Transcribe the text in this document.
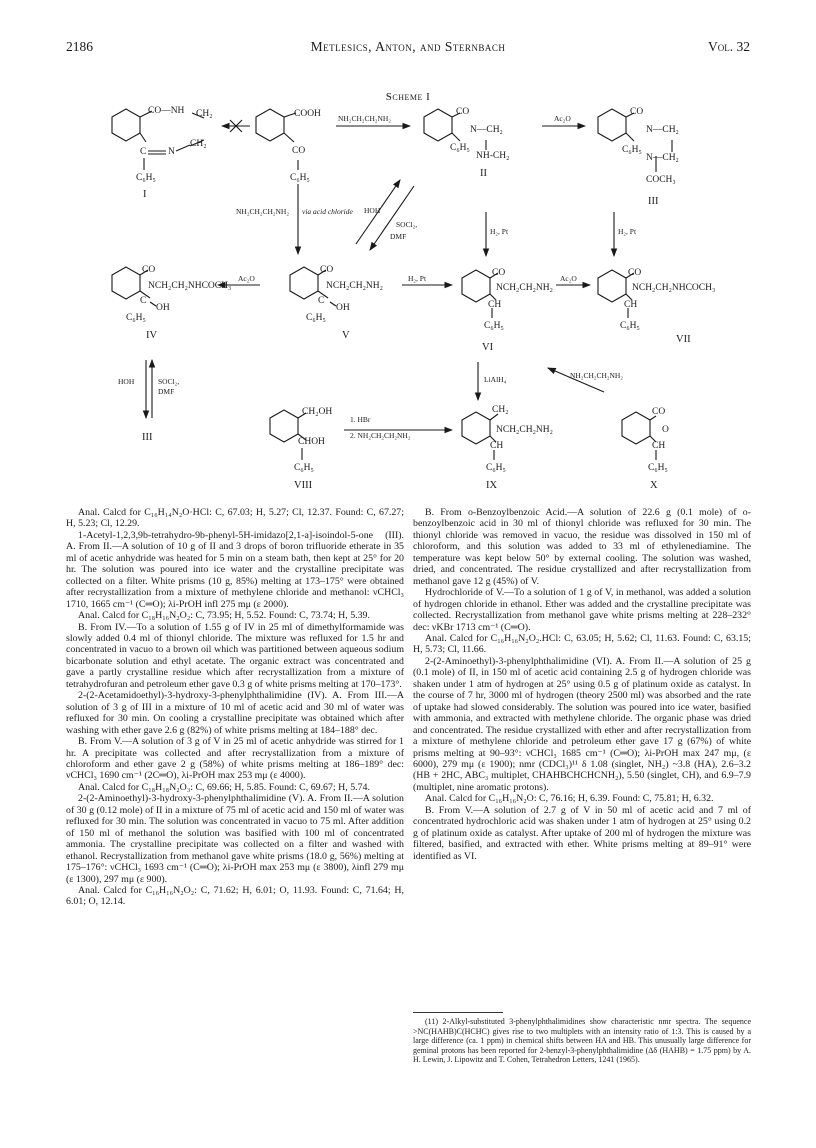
2186	Metlesics, Anton, and Sternbach	Vol. 32
Scheme I
CO—NH CH₂
CH₂
C N
C₆H₅
I
COOH
CO
C₆H₅
NH₂CH₂CH₂NH₂	Ac₂O
CO
N—CH₂
C₆H₅
NH-CH₂
II
CO
N—CH₂
C₆H₅
N—CH₂
COCH₃
III
NH₂CH₂CH₂NH₂ via acid chloride HOH
SOCl₂,
DMF
H₂, Pt	H₂, Pt
CO
NCH₂CH₂NHCOCH₃
C
OH
C₆H₅
IV
Ac₂O
CO
NCH₂CH₂NH₂
C
OH
C₆H₅
V
H₂, Pt
CO
NCH₂CH₂NH₂
CH
C₆H₅
VI
Ac₂O
CO
NCH₂CH₂NHCOCH₃
CH
C₆H₅
VII
HOH	SOCl₂,
DMF
III
LiAlH₄	NH₂CH₂CH₂NH₂
CH₂OH
CHOH
C₆H₅
VIII
1. HBr
2. NH₂CH₂CH₂NH₂
CH₂
NCH₂CH₂NH₂
CH
C₆H₅
IX
CO
O
CH
C₆H₅
X

Anal. Calcd for C₁₆H₁₄N₂O·HCl: C, 67.03; H, 5.27; Cl, 12.37. Found: C, 67.27; H, 5.23; Cl, 12.29.

1-Acetyl-1,2,3,9b-tetrahydro-9b-phenyl-5H-imidazo[2,1-a]-isoindol-5-one (III). A. From II.—A solution of 10 g of II and 3 drops of boron trifluoride etherate in 35 ml of acetic anhydride was heated for 5 min on a steam bath, then kept at 25° for 20 hr. The solution was poured into ice water and the crystalline precipitate was collected on a filter. White prisms (10 g, 85%) melting at 173–175° were obtained after recrystallization from a mixture of methylene chloride and methanol: νCHCl₃ 1710, 1665 cm⁻¹ (C═O); λi-PrOH infl 275 mμ (ε 2000).

Anal. Calcd for C₁₈H₁₆N₂O₂: C, 73.95; H, 5.52. Found: C, 73.74; H, 5.39.

B. From IV.—To a solution of 1.55 g of IV in 25 ml of dimethylformamide was slowly added 0.4 ml of thionyl chloride. The mixture was refluxed for 1.5 hr and concentrated in vacuo to a brown oil which was partitioned between aqueous sodium bicarbonate solution and ethyl acetate. The organic extract was concentrated and gave a partly crystalline residue which after recrystallization from a mixture of tetrahydrofuran and petroleum ether gave 0.3 g of white prisms melting at 170–173°.

2-(2-Acetamidoethyl)-3-hydroxy-3-phenylphthalimidine (IV). A. From III.—A solution of 3 g of III in a mixture of 10 ml of acetic acid and 30 ml of water was refluxed for 30 min. On cooling a crystalline precipitate was obtained which after washing with ether gave 2.6 g (82%) of white prisms melting at 184–188° dec.

B. From V.—A solution of 3 g of V in 25 ml of acetic anhydride was stirred for 1 hr. A precipitate was collected and after recrystallization from a mixture of chloroform and ether gave 2 g (58%) of white prisms melting at 186–189° dec: νCHCl₃ 1690 cm⁻¹ (2C═O), λi-PrOH max 253 mμ (ε 4000).

Anal. Calcd for C₁₈H₁₈N₂O₃: C, 69.66; H, 5.85. Found: C, 69.67; H, 5.74.

2-(2-Aminoethyl)-3-hydroxy-3-phenylphthalimidine (V). A. From II.—A solution of 30 g (0.12 mole) of II in a mixture of 75 ml of acetic acid and 150 ml of water was refluxed for 30 min. The solution was concentrated in vacuo to 75 ml. After addition of 150 ml of methanol the solution was basified with 100 ml of concentrated ammonia. The crystalline precipitate was collected on a filter and washed with ethanol. Recrystallization from methanol gave white prisms (18.0 g, 56%) melting at 175–176°: νCHCl₃ 1693 cm⁻¹ (C═O); λi-PrOH max 253 mμ (ε 3800), λinfl 279 mμ (ε 1300), 297 mμ (ε 900).

Anal. Calcd for C₁₆H₁₆N₂O₂: C, 71.62; H, 6.01; O, 11.93. Found: C, 71.64; H, 6.01; O, 12.14.

B. From o-Benzoylbenzoic Acid.—A solution of 22.6 g (0.1 mole) of o-benzoylbenzoic acid in 30 ml of thionyl chloride was refluxed for 30 min. The thionyl chloride was removed in vacuo, the residue was dissolved in 150 ml of chloroform, and this solution was added to 33 ml of ethylenediamine. The temperature was kept below 50° by external cooling. The solution was washed, dried, and concentrated. The residue crystallized and after recrystallization from methanol gave 12 g (45%) of V.

Hydrochloride of V.—To a solution of 1 g of V, in methanol, was added a solution of hydrogen chloride in ethanol. Ether was added and the crystalline precipitate was collected. Recrystallization from methanol gave white prisms melting at 228–232° dec: νKBr 1713 cm⁻¹ (C═O).

Anal. Calcd for C₁₆H₁₆N₂O₂.HCl: C, 63.05; H, 5.62; Cl, 11.63. Found: C, 63.15; H, 5.73; Cl, 11.66.

2-(2-Aminoethyl)-3-phenylphthalimidine (VI). A. From II.—A solution of 25 g (0.1 mole) of II, in 150 ml of acetic acid containing 2.5 g of hydrogen chloride was shaken under 1 atm of hydrogen at 25° using 0.5 g of platinum oxide as catalyst. In the course of 7 hr, 3000 ml of hydrogen (theory 2500 ml) was absorbed and the rate of uptake had slowed considerably. The solution was poured into ice water, basified with ammonia, and extracted with methylene chloride. The organic phase was dried and concentrated. The residue crystallized with ether and after recrystallization from a mixture of methylene chloride and petroleum ether gave 17 g (67%) of white prisms melting at 90–93°: νCHCl₃ 1685 cm⁻¹ (C═O); λi-PrOH max 247 mμ, (ε 6000), 279 mμ (ε 1900); nmr (CDCl₃)¹¹ δ 1.08 (singlet, NH₂) ~3.8 (HA), 2.6–3.2 (HB + 2HC, ABC₃ multiplet, CHAHBCHCHCNH₂), 5.50 (singlet, CH), and 6.9–7.9 (multiplet, nine aromatic protons).

Anal. Calcd for C₁₆H₁₆N₂O: C, 76.16; H, 6.39. Found: C, 75.81; H, 6.32.

B. From V.—A solution of 2.7 g of V in 50 ml of acetic acid and 7 ml of concentrated hydrochloric acid was shaken under 1 atm of hydrogen at 25° using 0.2 g of platinum oxide as catalyst. After uptake of 200 ml of hydrogen the mixture was filtered, basified, and extracted with ether. White prisms melting at 89–91° were identified as VI.

(11) 2-Alkyl-substituted 3-phenylphthalimidines show characteristic nmr spectra. The sequence >NC(HAHB)C(HCHC) gives rise to two multiplets with an intensity ratio of 1:3. This is caused by a large difference (ca. 1 ppm) in chemical shifts between HA and HB. This unusually large difference for geminal protons has been reported for 2-benzyl-3-phenylphthalimidine (Δδ (HAHB) = 1.75 ppm) by A. H. Lewin, J. Lipowitz and T. Cohen, Tetrahedron Letters, 1241 (1965).
